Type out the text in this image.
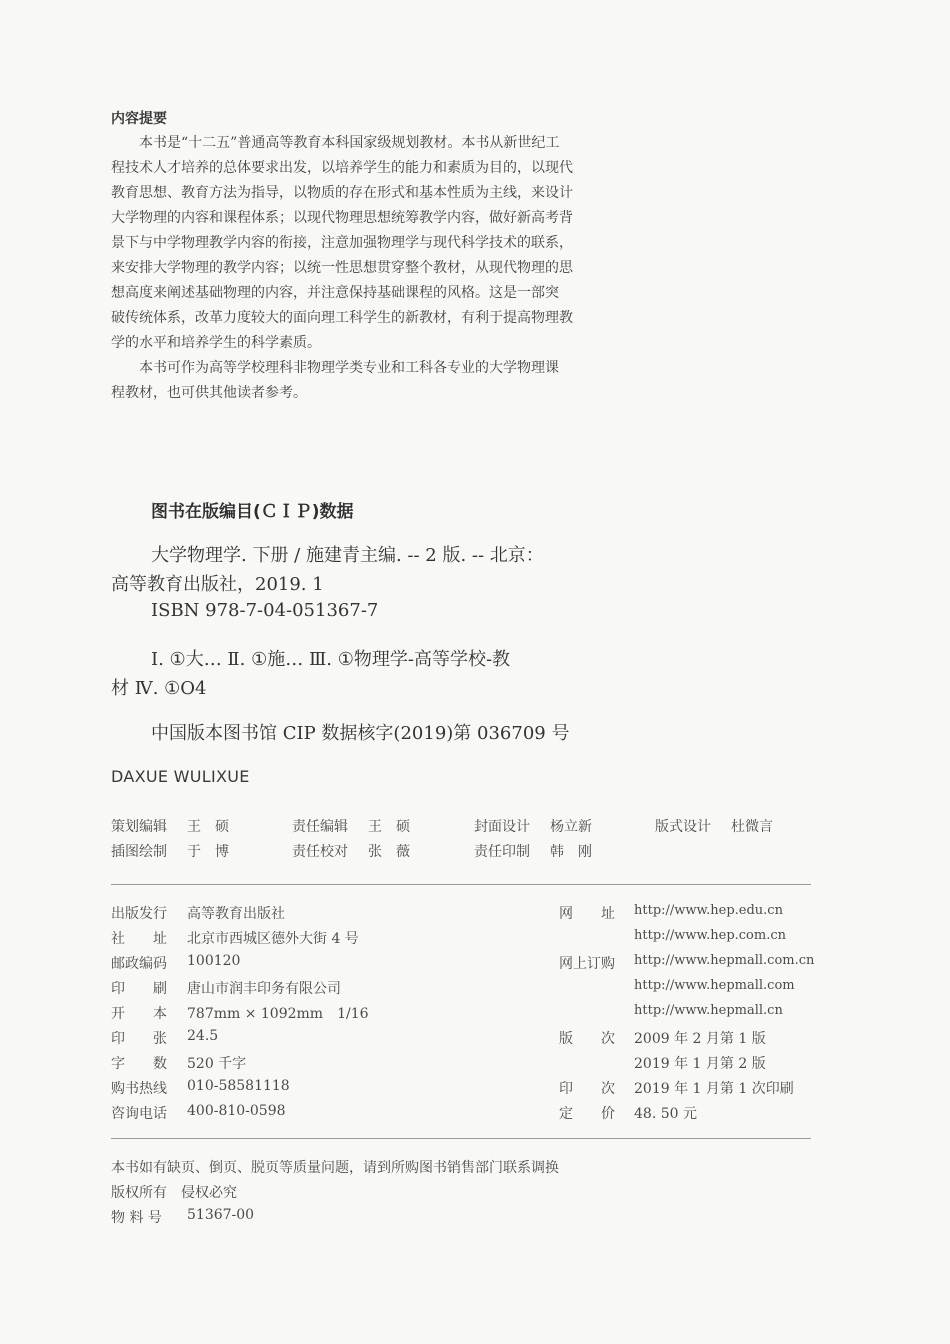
内容提要

本书是“十二五”普通高等教育本科国家级规划教材。本书从新世纪工

程技术人才培养的总体要求出发，以培养学生的能力和素质为目的，以现代

教育思想、教育方法为指导，以物质的存在形式和基本性质为主线，来设计

大学物理的内容和课程体系；以现代物理思想统筹教学内容，做好新高考背

景下与中学物理教学内容的衔接，注意加强物理学与现代科学技术的联系，

来安排大学物理的教学内容；以统一性思想贯穿整个教材，从现代物理的思

想高度来阐述基础物理的内容，并注意保持基础课程的风格。这是一部突

破传统体系，改革力度较大的面向理工科学生的新教材，有利于提高物理教

学的水平和培养学生的科学素质。

本书可作为高等学校理科非物理学类专业和工科各专业的大学物理课

程教材，也可供其他读者参考。

图书在版编目(ＣＩＰ)数据
大学物理学. 下册 / 施建青主编. -- 2 版. -- 北京：
高等教育出版社，2019. 1
ISBN 978-7-04-051367-7
Ⅰ. ①大… Ⅱ. ①施… Ⅲ. ①物理学-高等学校-教
材 Ⅳ. ①O4
中国版本图书馆 CIP 数据核字(2019)第 036709 号
DAXUE WULIXUE
策划编辑 王　硕	责任编辑 王　硕	封面设计 杨立新	版式设计 杜微言
插图绘制 于　博	责任校对 张　薇	责任印制 韩　刚
出版发行 高等教育出版社
社　　址 北京市西城区德外大街 4 号
邮政编码 100120
印　　刷 唐山市润丰印务有限公司
开　　本 787mm × 1092mm　1/16
印　　张 24.5
字　　数 520 千字
购书热线 010-58581118
咨询电话 400-810-0598
网　　址 http://www.hep.edu.cn
http://www.hep.com.cn
网上订购 http://www.hepmall.com.cn
http://www.hepmall.com
http://www.hepmall.cn
版　　次 2009 年 2 月第 1 版
2019 年 1 月第 2 版
印　　次 2019 年 1 月第 1 次印刷
定　　价 48. 50 元
本书如有缺页、倒页、脱页等质量问题，请到所购图书销售部门联系调换
版权所有　侵权必究
物 料 号 51367-00
